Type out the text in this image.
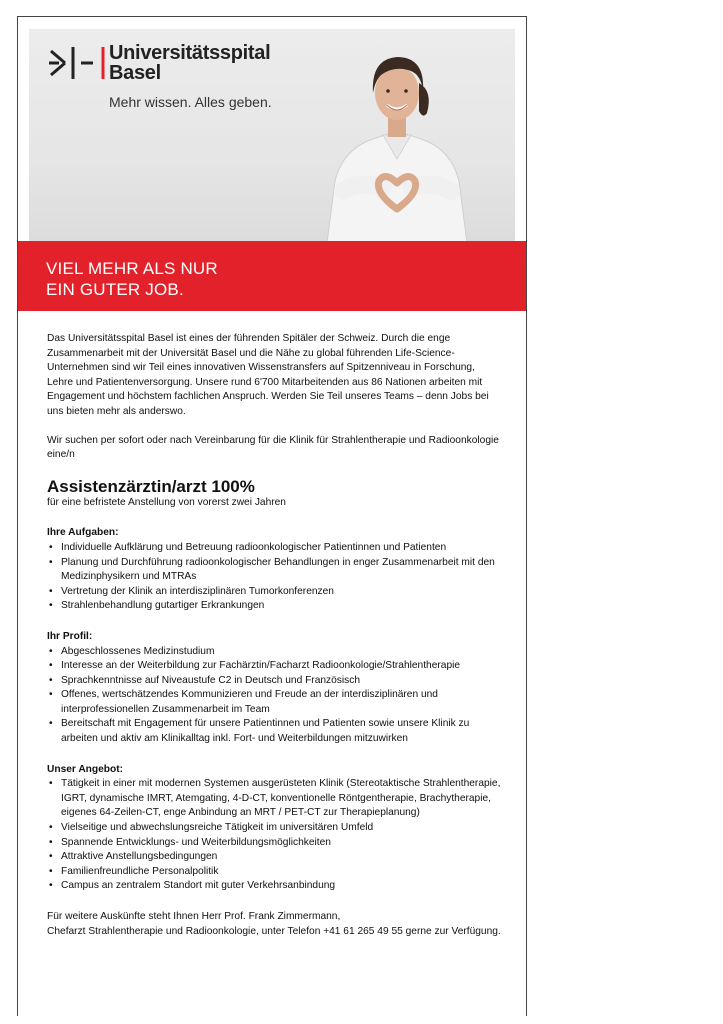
Universitätsspital
Basel
Mehr wissen. Alles geben.
VIEL MEHR ALS NUR
EIN GUTER JOB.

Das Universitätsspital Basel ist eines der führenden Spitäler der Schweiz. Durch die enge Zusammenarbeit mit der Universität Basel und die Nähe zu global führenden Life-Science-Unternehmen sind wir Teil eines innovativen Wissenstransfers auf Spitzenniveau in Forschung, Lehre und Patientenversorgung. Unsere rund 6'700 Mitarbeitenden aus 86 Nationen arbeiten mit Engagement und höchstem fachlichen Anspruch. Werden Sie Teil unseres Teams – denn Jobs bei uns bieten mehr als anderswo.

Wir suchen per sofort oder nach Vereinbarung für die Klinik für Strahlentherapie und Radioonkologie eine/n

Assistenzärztin/arzt 100%

für eine befristete Anstellung von vorerst zwei Jahren

Ihre Aufgaben:
• Individuelle Aufklärung und Betreuung radioonkologischer Patientinnen und Patienten
• Planung und Durchführung radioonkologischer Behandlungen in enger Zusammenarbeit mit den Medizinphysikern und MTRAs
• Vertretung der Klinik an interdisziplinären Tumorkonferenzen
• Strahlenbehandlung gutartiger Erkrankungen
Ihr Profil:
• Abgeschlossenes Medizinstudium
• Interesse an der Weiterbildung zur Fachärztin/Facharzt Radioonkologie/Strahlentherapie
• Sprachkenntnisse auf Niveaustufe C2 in Deutsch und Französisch
• Offenes, wertschätzendes Kommunizieren und Freude an der interdisziplinären und interprofessionellen Zusammenarbeit im Team
• Bereitschaft mit Engagement für unsere Patientinnen und Patienten sowie unsere Klinik zu arbeiten und aktiv am Klinikalltag inkl. Fort- und Weiterbildungen mitzuwirken
Unser Angebot:
• Tätigkeit in einer mit modernen Systemen ausgerüsteten Klinik (Stereotaktische Strahlentherapie, IGRT, dynamische IMRT, Atemgating, 4-D-CT, konventionelle Röntgentherapie, Brachytherapie, eigenes 64-Zeilen-CT, enge Anbindung an MRT / PET-CT zur Therapieplanung)
• Vielseitige und abwechslungsreiche Tätigkeit im universitären Umfeld
• Spannende Entwicklungs- und Weiterbildungsmöglichkeiten
• Attraktive Anstellungsbedingungen
• Familienfreundliche Personalpolitik
• Campus an zentralem Standort mit guter Verkehrsanbindung
Für weitere Auskünfte steht Ihnen Herr Prof. Frank Zimmermann,
Chefarzt Strahlentherapie und Radioonkologie, unter Telefon +41 61 265 49 55 gerne zur Verfügung.
